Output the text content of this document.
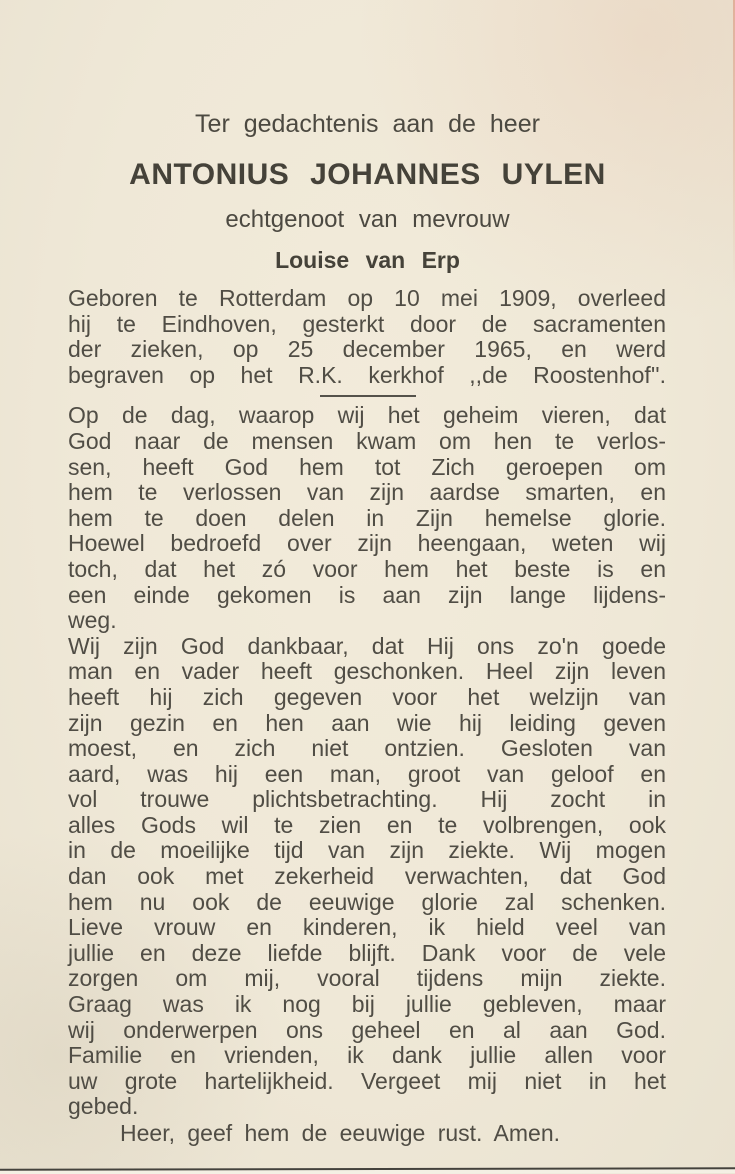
Ter gedachtenis aan de heer
ANTONIUS JOHANNES UYLEN
echtgenoot van mevrouw
Louise van Erp
Geboren te Rotterdam op 10 mei 1909, overleed
hij te Eindhoven, gesterkt door de sacramenten
der zieken, op 25 december 1965, en werd
begraven op het R.K. kerkhof ,,de Roostenhof''.
Op de dag, waarop wij het geheim vieren, dat
God naar de mensen kwam om hen te verlos-
sen, heeft God hem tot Zich geroepen om
hem te verlossen van zijn aardse smarten, en
hem te doen delen in Zijn hemelse glorie.
Hoewel bedroefd over zijn heengaan, weten wij
toch, dat het zó voor hem het beste is en
een einde gekomen is aan zijn lange lijdens-
weg.
Wij zijn God dankbaar, dat Hij ons zo'n goede
man en vader heeft geschonken. Heel zijn leven
heeft hij zich gegeven voor het welzijn van
zijn gezin en hen aan wie hij leiding geven
moest, en zich niet ontzien. Gesloten van
aard, was hij een man, groot van geloof en
vol trouwe plichtsbetrachting. Hij zocht in
alles Gods wil te zien en te volbrengen, ook
in de moeilijke tijd van zijn ziekte. Wij mogen
dan ook met zekerheid verwachten, dat God
hem nu ook de eeuwige glorie zal schenken.
Lieve vrouw en kinderen, ik hield veel van
jullie en deze liefde blijft. Dank voor de vele
zorgen om mij, vooral tijdens mijn ziekte.
Graag was ik nog bij jullie gebleven, maar
wij onderwerpen ons geheel en al aan God.
Familie en vrienden, ik dank jullie allen voor
uw grote hartelijkheid. Vergeet mij niet in het
gebed.
Heer, geef hem de eeuwige rust. Amen.
